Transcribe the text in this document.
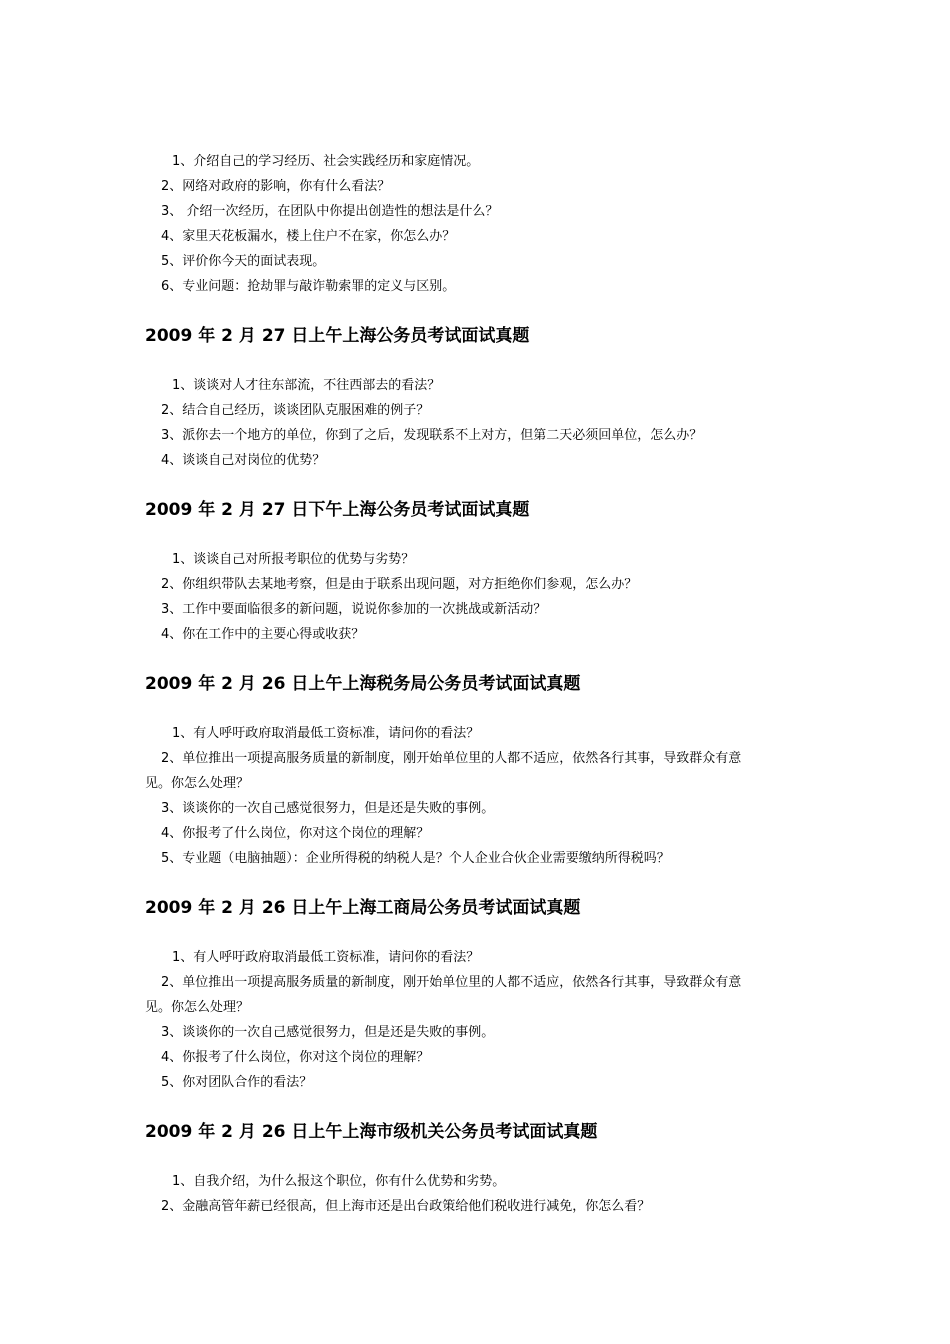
1、介绍自己的学习经历、社会实践经历和家庭情况。
2、网络对政府的影响，你有什么看法？
3、 介绍一次经历，在团队中你提出创造性的想法是什么？
4、家里天花板漏水，楼上住户不在家，你怎么办？
5、评价你今天的面试表现。
6、专业问题：抢劫罪与敲诈勒索罪的定义与区别。
2009 年 2 月 27 日上午上海公务员考试面试真题
1、谈谈对人才往东部流，不往西部去的看法？
2、结合自己经历，谈谈团队克服困难的例子？
3、派你去一个地方的单位，你到了之后，发现联系不上对方，但第二天必须回单位，怎么办？
4、谈谈自己对岗位的优势？
2009 年 2 月 27 日下午上海公务员考试面试真题
1、谈谈自己对所报考职位的优势与劣势？
2、你组织带队去某地考察，但是由于联系出现问题，对方拒绝你们参观，怎么办？
3、工作中要面临很多的新问题，说说你参加的一次挑战或新活动？
4、你在工作中的主要心得或收获？
2009 年 2 月 26 日上午上海税务局公务员考试面试真题
1、有人呼吁政府取消最低工资标准，请问你的看法？
2、单位推出一项提高服务质量的新制度，刚开始单位里的人都不适应，依然各行其事，导致群众有意
见。你怎么处理？
3、谈谈你的一次自己感觉很努力，但是还是失败的事例。
4、你报考了什么岗位，你对这个岗位的理解？
5、专业题（电脑抽题）：企业所得税的纳税人是？个人企业合伙企业需要缴纳所得税吗？
2009 年 2 月 26 日上午上海工商局公务员考试面试真题
1、有人呼吁政府取消最低工资标准，请问你的看法？
2、单位推出一项提高服务质量的新制度，刚开始单位里的人都不适应，依然各行其事，导致群众有意
见。你怎么处理？
3、谈谈你的一次自己感觉很努力，但是还是失败的事例。
4、你报考了什么岗位，你对这个岗位的理解？
5、你对团队合作的看法？
2009 年 2 月 26 日上午上海市级机关公务员考试面试真题
1、自我介绍，为什么报这个职位，你有什么优势和劣势。
2、金融高管年薪已经很高，但上海市还是出台政策给他们税收进行减免，你怎么看？
